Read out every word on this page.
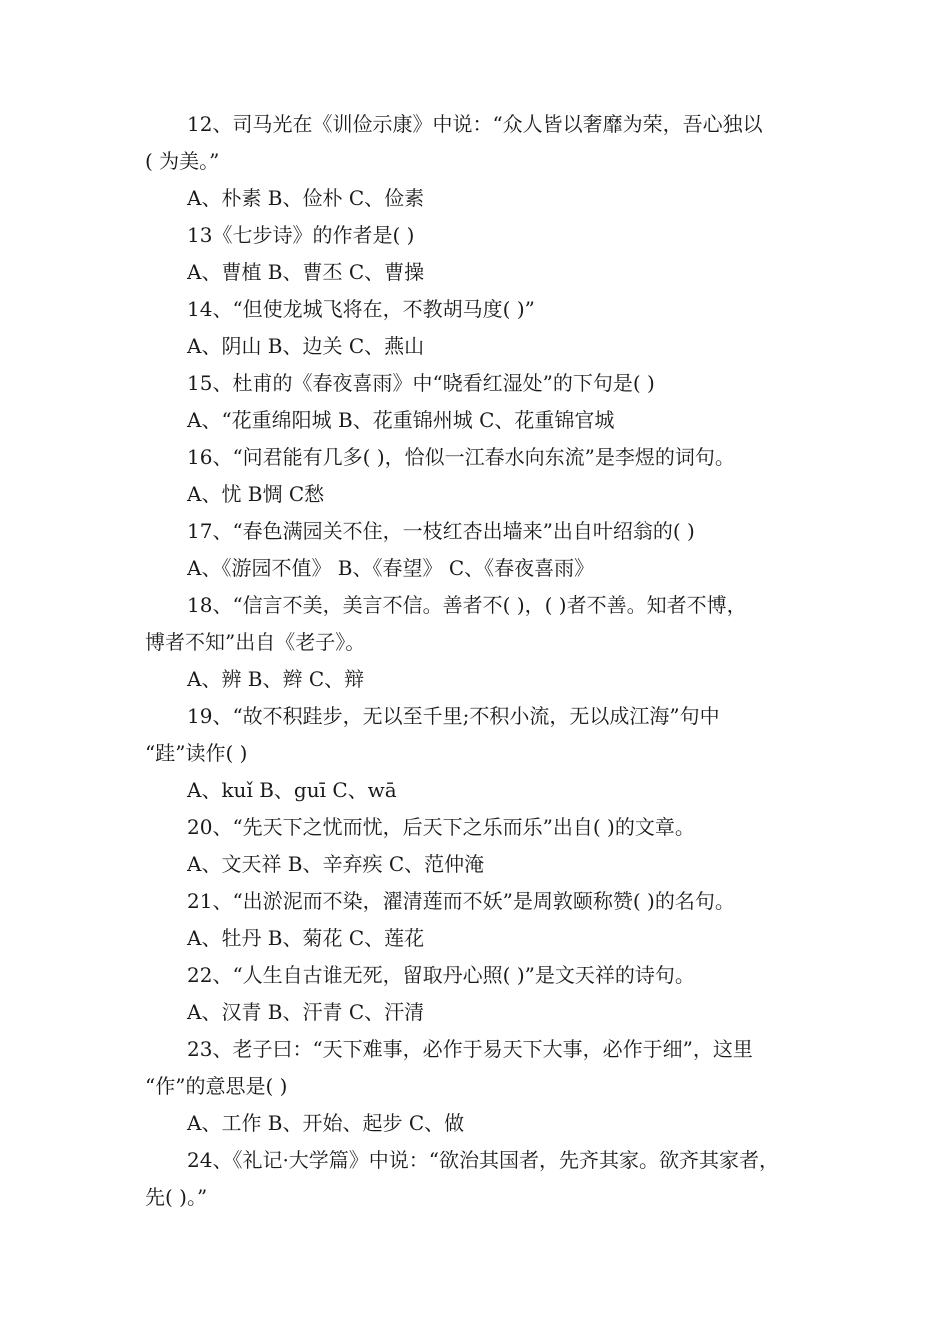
12、司马光在《训俭示康》中说：“众人皆以奢靡为荣，吾心独以
( 为美。”
A、朴素 B、俭朴 C、俭素
13《七步诗》的作者是( )
A、曹植 B、曹丕 C、曹操
14、“但使龙城飞将在，不教胡马度( )”
A、阴山 B、边关 C、燕山
15、杜甫的《春夜喜雨》中“晓看红湿处”的下句是( )
A、“花重绵阳城 B、花重锦州城 C、花重锦官城
16、“问君能有几多( )，恰似一江春水向东流”是李煜的词句。
A、忧 B惆 C愁
17、“春色满园关不住，一枝红杏出墙来”出自叶绍翁的( )
A、《游园不值》 B、《春望》 C、《春夜喜雨》
18、“信言不美，美言不信。善者不( )，( )者不善。知者不博，
博者不知”出自《老子》。
A、辨 B、辫 C、辩
19、“故不积跬步，无以至千里;不积小流，无以成江海”句中
“跬”读作( )
A、kuǐ B、guī C、wā
20、“先天下之忧而忧，后天下之乐而乐”出自( )的文章。
A、文天祥 B、辛弃疾 C、范仲淹
21、“出淤泥而不染，濯清莲而不妖”是周敦颐称赞( )的名句。
A、牡丹 B、菊花 C、莲花
22、“人生自古谁无死，留取丹心照( )”是文天祥的诗句。
A、汉青 B、汗青 C、汗清
23、老子曰：“天下难事，必作于易天下大事，必作于细”，这里
“作”的意思是( )
A、工作 B、开始、起步 C、做
24、《礼记·大学篇》中说：“欲治其国者，先齐其家。欲齐其家者，
先( )。”
